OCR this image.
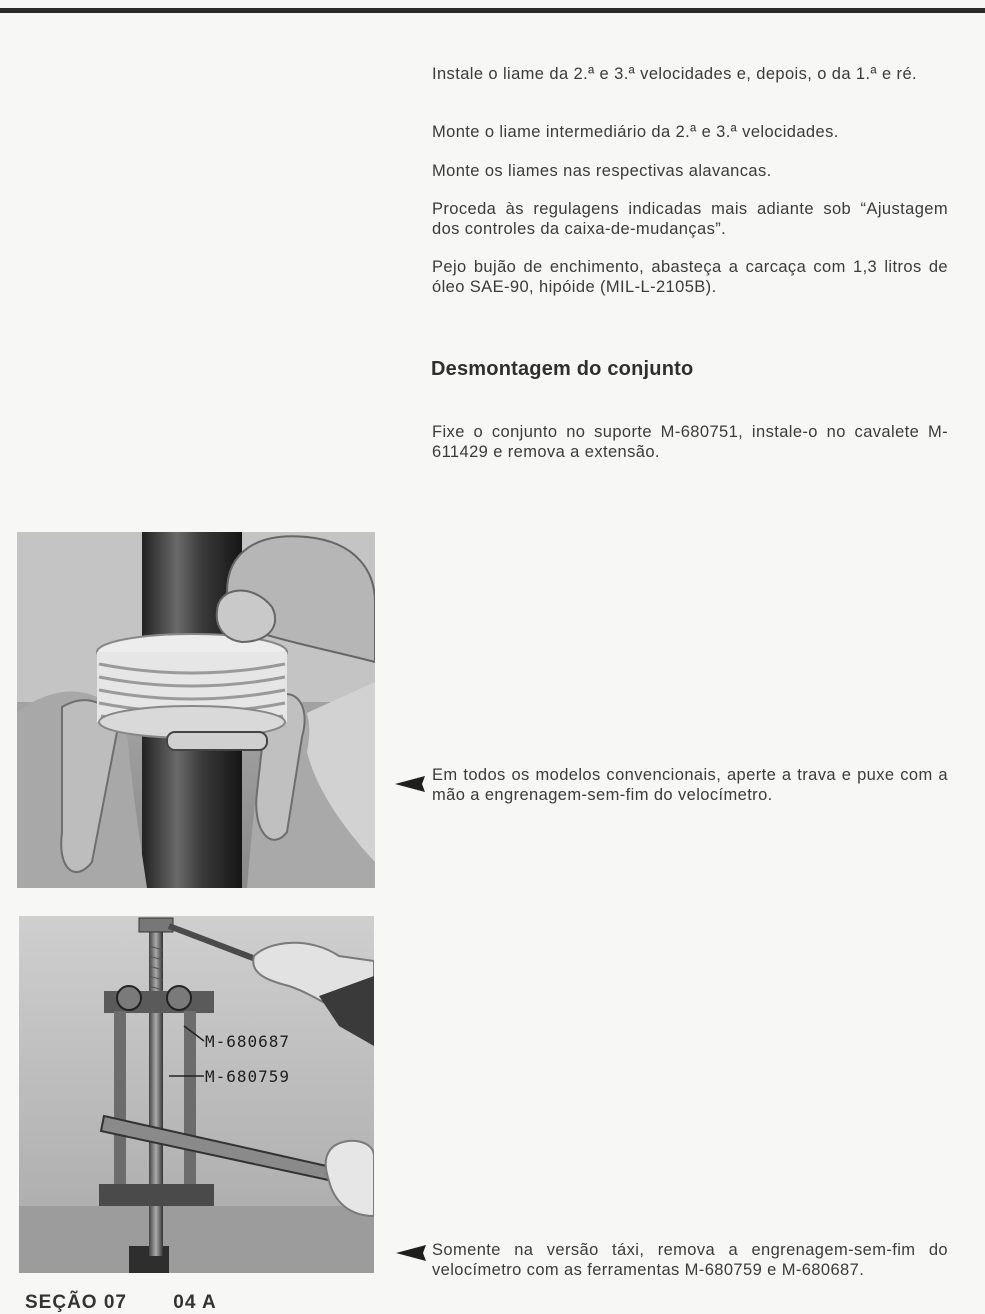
Instale o liame da 2.ª e 3.ª velocidades e, depois, o da 1.ª e ré.

Monte o liame intermediário da 2.ª e 3.ª velocidades.

Monte os liames nas respectivas alavancas.

Proceda às regulagens indicadas mais adiante sob “Ajustagem dos controles da caixa-de-mudanças”.

Pejo bujão de enchimento, abasteça a carcaça com 1,3 litros de óleo SAE-90, hipóide (MIL-L-2105B).

Desmontagem do conjunto

Fixe o conjunto no suporte M-680751, instale-o no cavalete M-611429 e remova a extensão.

Em todos os modelos convencionais, aperte a trava e puxe com a mão a engrenagem-sem-fim do velocímetro.

M-680687
M-680759

Somente na versão táxi, remova a engrenagem-sem-fim do velocímetro com as ferramentas M-680759 e M-680687.

SEÇÃO 07 04 A
